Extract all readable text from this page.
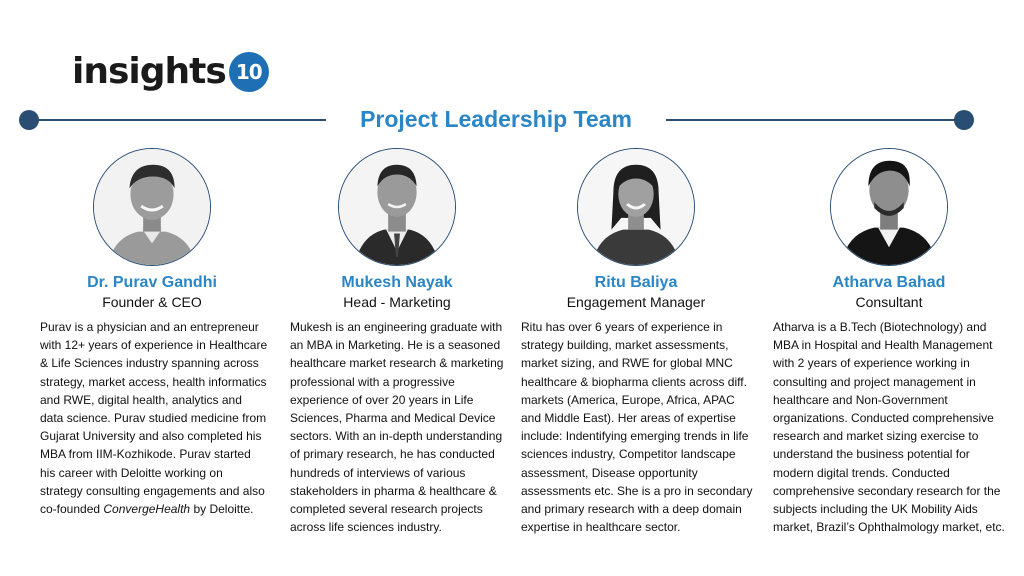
insights 10
Project Leadership Team
Dr. Purav Gandhi
Founder & CEO
Purav is a physician and an entrepreneur with 12+ years of experience in Healthcare & Life Sciences industry spanning across strategy, market access, health informatics and RWE, digital health, analytics and data science. Purav studied medicine from Gujarat University and also completed his MBA from IIM-Kozhikode. Purav started his career with Deloitte working on strategy consulting engagements and also co-founded ConvergeHealth by Deloitte.
Mukesh Nayak
Head - Marketing
Mukesh is an engineering graduate with an MBA in Marketing. He is a seasoned healthcare market research & marketing professional with a progressive experience of over 20 years in Life Sciences, Pharma and Medical Device sectors. With an in-depth understanding of primary research, he has conducted hundreds of interviews of various stakeholders in pharma & healthcare & completed several research projects across life sciences industry.
Ritu Baliya
Engagement Manager
Ritu has over 6 years of experience in strategy building, market assessments, market sizing, and RWE for global MNC healthcare & biopharma clients across diff. markets (America, Europe, Africa, APAC and Middle East). Her areas of expertise include: Indentifying emerging trends in life sciences industry, Competitor landscape assessment, Disease opportunity assessments etc. She is a pro in secondary and primary research with a deep domain expertise in healthcare sector.
Atharva Bahad
Consultant
Atharva is a B.Tech (Biotechnology) and MBA in Hospital and Health Management with 2 years of experience working in consulting and project management in healthcare and Non-Government organizations. Conducted comprehensive research and market sizing exercise to understand the business potential for modern digital trends. Conducted comprehensive secondary research for the subjects including the UK Mobility Aids market, Brazil’s Ophthalmology market, etc.
